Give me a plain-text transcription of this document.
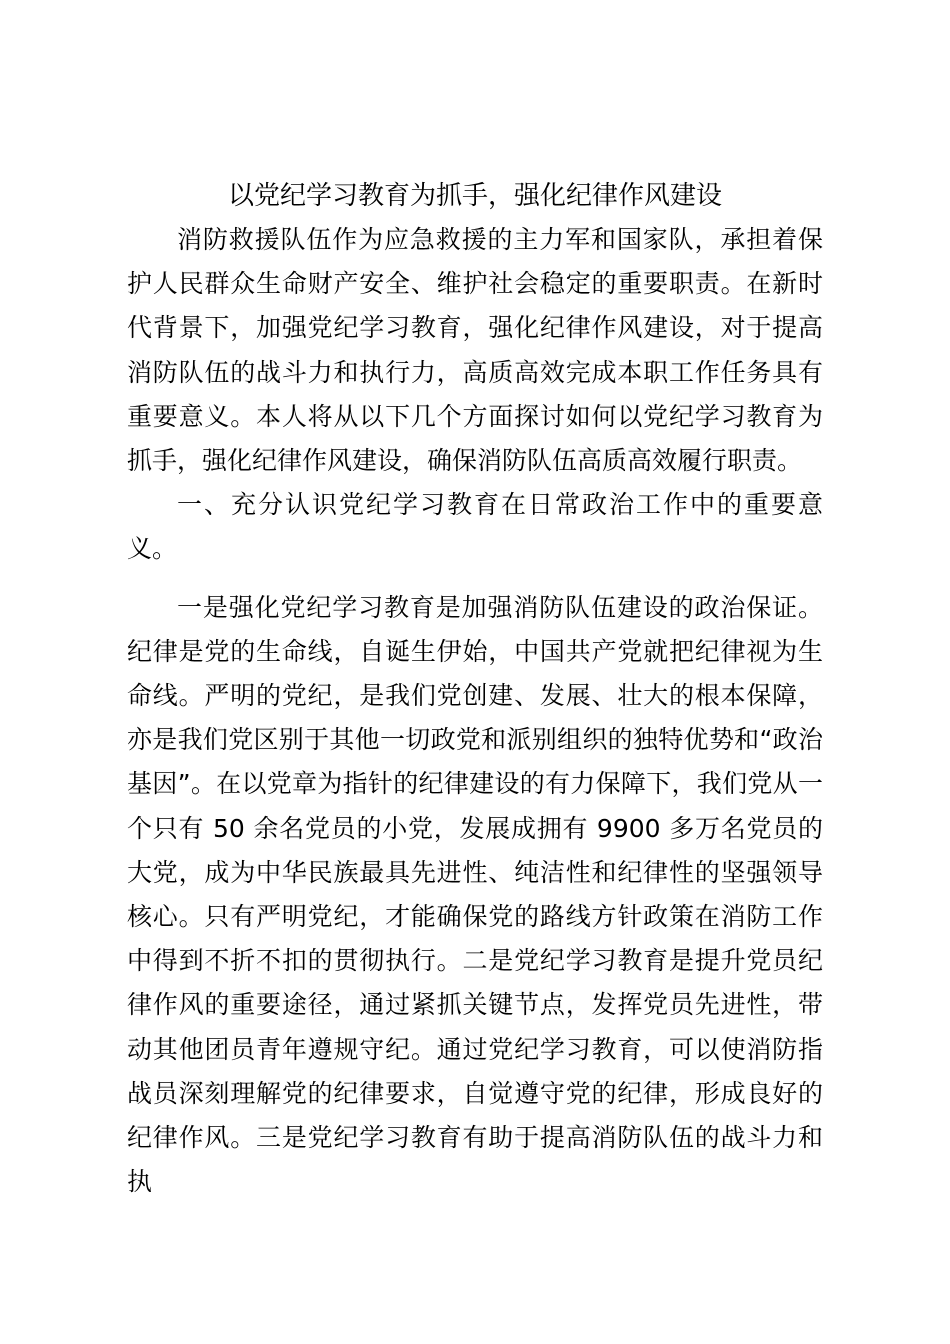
以党纪学习教育为抓手，强化纪律作风建设

消防救援队伍作为应急救援的主力军和国家队，承担着保护人民群众生命财产安全、维护社会稳定的重要职责。在新时代背景下，加强党纪学习教育，强化纪律作风建设，对于提高消防队伍的战斗力和执行力，高质高效完成本职工作任务具有重要意义。本人将从以下几个方面探讨如何以党纪学习教育为抓手，强化纪律作风建设，确保消防队伍高质高效履行职责。

一、充分认识党纪学习教育在日常政治工作中的重要意义。

一是强化党纪学习教育是加强消防队伍建设的政治保证。纪律是党的生命线，自诞生伊始，中国共产党就把纪律视为生命线。严明的党纪，是我们党创建、发展、壮大的根本保障，亦是我们党区别于其他一切政党和派别组织的独特优势和“政治基因”。在以党章为指针的纪律建设的有力保障下，我们党从一个只有 50 余名党员的小党，发展成拥有 9900 多万名党员的大党，成为中华民族最具先进性、纯洁性和纪律性的坚强领导核心。只有严明党纪，才能确保党的路线方针政策在消防工作中得到不折不扣的贯彻执行。二是党纪学习教育是提升党员纪律作风的重要途径，通过紧抓关键节点，发挥党员先进性，带动其他团员青年遵规守纪。通过党纪学习教育，可以使消防指战员深刻理解党的纪律要求，自觉遵守党的纪律，形成良好的纪律作风。三是党纪学习教育有助于提高消防队伍的战斗力和执
